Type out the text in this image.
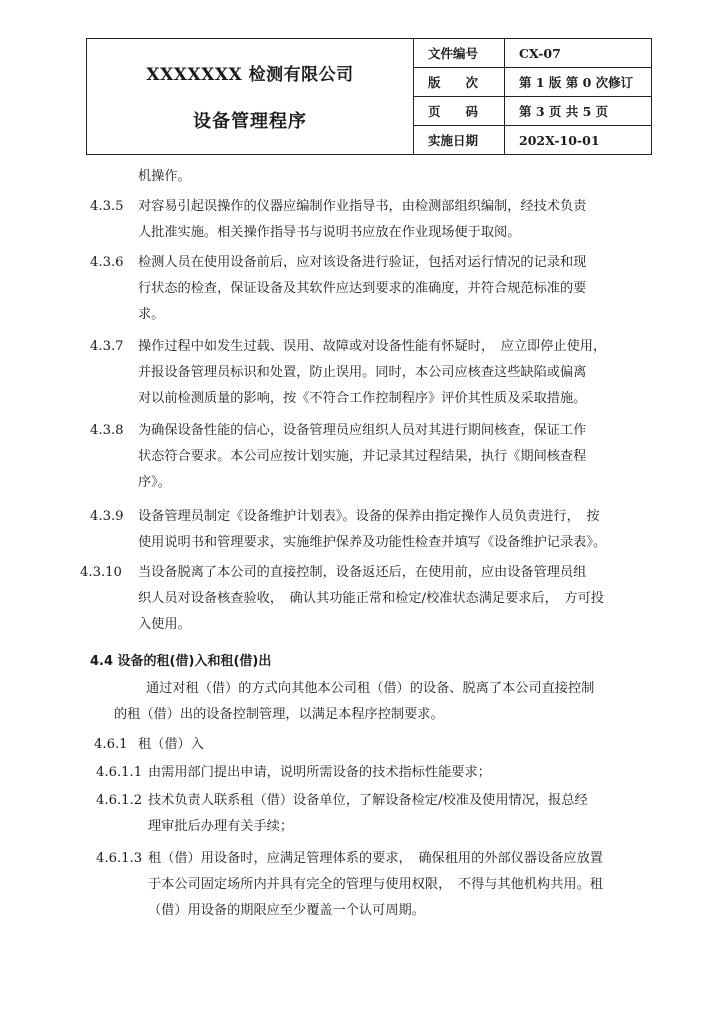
XXXXXXX 检测有限公司
设备管理程序	文件编号	CX-07
	版　　次	第 1 版 第 0 次修订
	页　　码	第 3 页 共 5 页
	实施日期	202X-10-01
机操作。
4.3.5 对容易引起误操作的仪器应编制作业指导书，由检测部组织编制，经技术负责
人批准实施。相关操作指导书与说明书应放在作业现场便于取阅。
4.3.6 检测人员在使用设备前后，应对该设备进行验证，包括对运行情况的记录和现
行状态的检查，保证设备及其软件应达到要求的准确度，并符合规范标准的要
求。
4.3.7 操作过程中如发生过载、误用、故障或对设备性能有怀疑时，　应立即停止使用，
并报设备管理员标识和处置，防止误用。同时，本公司应核查这些缺陷或偏离
对以前检测质量的影响，按《不符合工作控制程序》评价其性质及采取措施。
4.3.8 为确保设备性能的信心，设备管理员应组织人员对其进行期间核查，保证工作
状态符合要求。本公司应按计划实施，并记录其过程结果，执行《期间核查程
序》。
4.3.9 设备管理员制定《设备维护计划表》。设备的保养由指定操作人员负责进行，　按
使用说明书和管理要求，实施维护保养及功能性检查并填写《设备维护记录表》。
4.3.10 当设备脱离了本公司的直接控制，设备返还后，在使用前，应由设备管理员组
织人员对设备核查验收，　确认其功能正常和检定/校准状态满足要求后，　方可投
入使用。
4.4 设备的租(借)入和租(借)出
通过对租（借）的方式向其他本公司租（借）的设备、脱离了本公司直接控制
的租（借）出的设备控制管理，以满足本程序控制要求。
4.6.1 租（借）入
4.6.1.1 由需用部门提出申请，说明所需设备的技术指标性能要求；
4.6.1.2 技术负责人联系租（借）设备单位，了解设备检定/校准及使用情况，报总经
理审批后办理有关手续；
4.6.1.3 租（借）用设备时，应满足管理体系的要求，　确保租用的外部仪器设备应放置
于本公司固定场所内并具有完全的管理与使用权限，　不得与其他机构共用。租
（借）用设备的期限应至少覆盖一个认可周期。
